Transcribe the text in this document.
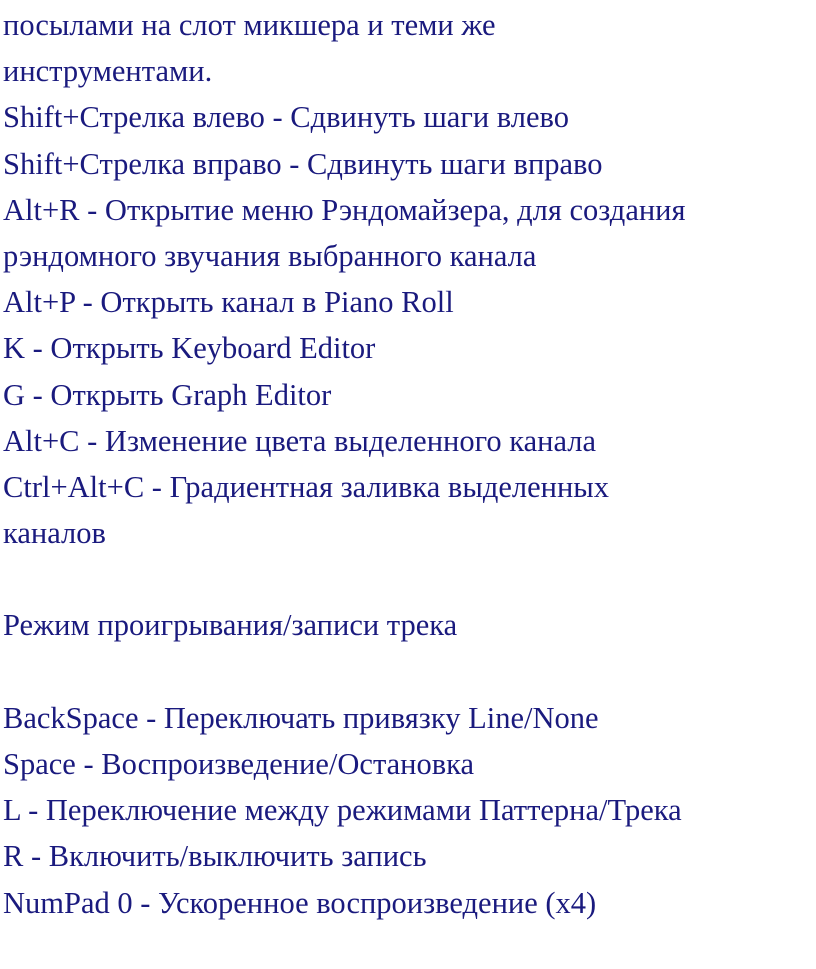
посылами на слот микшера и теми же
инструментами.
Shift+Стрелка влево - Сдвинуть шаги влево
Shift+Стрелка вправо - Сдвинуть шаги вправо
Alt+R - Открытие меню Рэндомайзера, для создания
рэндомного звучания выбранного канала
Alt+P - Открыть канал в Piano Roll
K - Открыть Keyboard Editor
G - Открыть Graph Editor
Alt+C - Изменение цвета выделенного канала
Ctrl+Alt+C - Градиентная заливка выделенных
каналов
Режим проигрывания/записи трека
BackSpace - Переключать привязку Line/None
Space - Воспроизведение/Остановка
L - Переключение между режимами Паттерна/Трека
R - Включить/выключить запись
NumPad 0 - Ускоренное воспроизведение (x4)
